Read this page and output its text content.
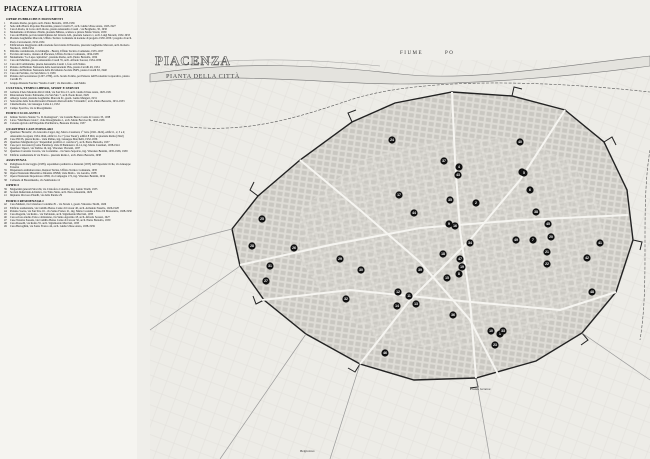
PIACENZA LITTORIA
OPERE PUBBLICHE E MONUMENTI
1	Piazzale Roma, progetto arch. Pietro Berzolla, 1933-1936
2	Sede della Banca Popolare Piacentina, piazza Cavalli 27, arch. Giulio Ulisse Arata, 1925-1927
3	Casa Littoria, in Corso del Littorio, piazza Alessandro Casali - via Borghetto, 30, 1930
4	Monumento al Pontiere d'Italia, piazzale Milano, scultore e pittore Mario Sironi, 1939
5	Casa del Balilla, poi Giovanni Italiana del Littorio GIL, piazzale Genova 1, arch. Luigi Moretti, 1932-1933
6	Piazzale Guglielmo Marconi, Uffizio Tecnico Comunale in nazione di progetto 1930-1936 / progetto di arch. Paolo Caravenezzi, 1932-1934
7	Edificazione maggiorata della stazione ferroviaria di Piacenza, piazzale Guglielmo Marconi, arch. Roberto Narducci, 1929-1934
8	Riforme condutturale, in Ghinaglia - Brenti, Uffizio Tecnico Comunale, 1935-1937
9	Facciata del teatro, ristauro di Piacenza, Uffizio Tecnico Comunale, 1934-1938
10	Monumento "Le Lupa capitolina", piazzale Roma, arch. Pietro Berzolla, 1934
11	Casa del Mutilato, piazza Alessandro Casali 35, arch. Alfredo Soressi, 1934-1936
12	Casa del Combattente, piazza Alessandro Casali 1, foto arch Tenisa
13	Palazzo dell'Istituto Nazionale delle Assicurazioni INA, piazza Cavalli 49, 1934
14	Palazzo dell'Istituto Nazionale della Previdenza Sociale INPS, piazza Cavalli 63, 1940
15	Casa del Soldato, via San Marco 3, 1936
16	Palazzo del Governatore (1297-1789), arch. Jacaris Tomba, per Palazzo dell'Economia Corporativa, piazza Cavalli 35
17	Gruppo Rionale Fascista "Sandro Conti", via Revestita - stati Malta
CULTURA, TEMPO LIBERO, SPORT E SERVIZI
18	Galleria d'Arte Moderna Ricci Oddi, via San Siro 13, arch. Giulio Ulisse Arata, 1925-1931
19	Ristorazione Teatro Politeama, via San Siro 7, arch. Paolo Rossi, 1929
20	Albergo Grand, piazzale Guglielmo Marconi 61, geom. Guido Mangeri, 1931
21	Sala terme delle Zona Ricreativa Piazzetta Retrodi della "Cittadella", arch. Pietro Berzolla, 1931-1933
22	Cinema Roma, via Giuseppe Calza 41, 1932
23	Campo Sportivo, via le Risorgimento
EDIFICI SCOLASTICI
24	Istituto Tecnico Statale "G. D. Romagnosi", via Castello Busco Conte di Caravo 35, 1938
25	Liceo "Melchiorre Gioia", viale Risorgimento 1, arch. Mario Bacciocchi, 1933-1936
26	Colonia agricola dell'Ospedale Psichiatrico, Bussone Portone, 1937
QUARTIERI CASE POPOLARI
27	Quartiere 'Borsella', via Giacomo Cappi, ing. Marco Cassinari, 1° lotto (1921-1924), edifici 1, 2, 3 e 4; Alessandro Gorgoni, 1934-1944, edifici n. 6 e 7 (case 'Inoui'), edifici 8 illin; su piazzale Roma (1942)
28	Case INCIS, piazza Roma - viale Pathus, ing. Giuseppe Marchelli, 1932-1936
29	Quartiere Margherita (ex "dispendiari prolifici e i conclave"), arch. Pietro Berzolla, 1937
30	Case per i lavoratori (Come Fanabioi), viale II Piantaterra 12-14, ing. Mario Cassinari, 1938-1941
31	Quartiere 'Opera', via Turlina 16, ing. Vincenzo Vincenti, 1937
32	Quartiere Corrente Crescio, via Costantino - via Sesto Sepolcro, ing. Vincenzo Bernini, 1935-1936, 1939
33	Edificio residenziale di via Franco - piazzale Roma 1, arch. Pietro Berzolla, 1938
ASSISTENZA
34	Padiglione di slaccaggio (1938), ospedaliera pediatrica e Ronarui (1935) dell'Ospedale Civile, via Giuseppe Taverna
35	Dispensario antitubercolare, Rentosi Tavina, Uffizio Tecnico Comunale, 1935
36	Opera Nazionale Maternità e Infanzia ONMI, viale Malta - via Gerollo, 1938
37	Opera Nazionale Dopolavoro OND, via Campagna 172, ing. Vincenzo Bernini, 1934
38	Collaudo di Brossimendo, via Sambalona 12
OPIFICI
39	Magazzini generali Stracchi, via Cristoforo Colombo, ing. Guido Tirelli, 1935
40	Società Industriale Adriatica, via Trino Sinta, arch. Piero Antonzini, 1929
41	Impianto Idrovoro Pistelli, via delle Paratie 29
EDIFICI RESIDENZIALI
42	Casa Malteni, via Cristoforo Colombo 81 - via Strada 1, geom. Vincenzo Tirelli, 1926
43	Edificio residenziale, via Camillo Benso Conte di Cavour 40, arch. Armando Nasello, 1926-1928
44	Palazzo Sozzo, via San Siro 16 - via Santo Franco 21, ing. Mario Costante e Enzo Di Massarutto, 1928-1930
45	Casa Rogerni, via Roma - via Tarbleiale, arch. Sigismondo Marviati, 1935
46	Casa ed uso studio d'arte e abitazione, via Santo Agostino 18, arch. Alfredo Soressi, 1927
47	Case Taverna Sassale, via Camillo Benso Conte di Cavour 56, arch. Pietro Berzolla, 1930
48	Casa Rosselli, via Roma 35, arch. Sigismondo Marviati, 1933
49	Casa Barroghini, via Santo Franco 44, arch. Giulio Ulisse Arata, 1938-1939
PIACENZA
PIANTA DELLA CITTÀ
FIUME	PO
Piazza Genova
Belgioioso
1
2
4
5
6
7
8
9
10
11
12
13
14
15
16
17
18
19
20
21
22
23
24
25
26
27
28
29
30
31
32
33
34
35
36
37
38
39
40
41
42
43
44
45
46
47
48
49
